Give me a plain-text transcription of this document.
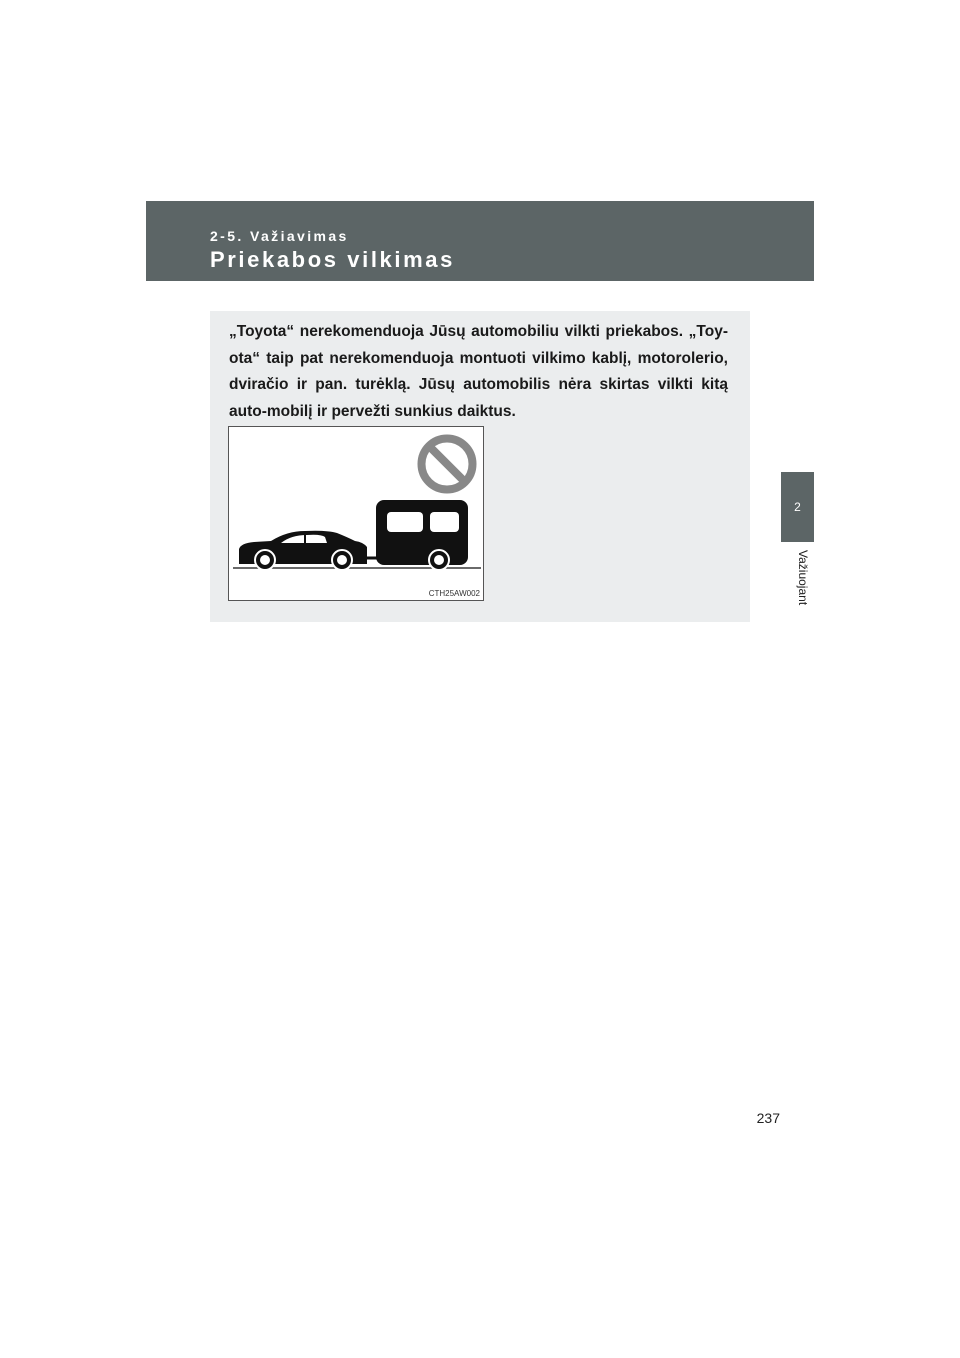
2-5. Važiavimas
Priekabos vilkimas

„Toyota“ nerekomenduoja Jūsų automobiliu vilkti priekabos. „Toy-ota“ taip pat nerekomenduoja montuoti vilkimo kablį, motorolerio, dviračio ir pan. turėklą. Jūsų automobilis nėra skirtas vilkti kitą auto-mobilį ir pervežti sunkius daiktus.

CTH25AW002
2
Važiuojant
237
